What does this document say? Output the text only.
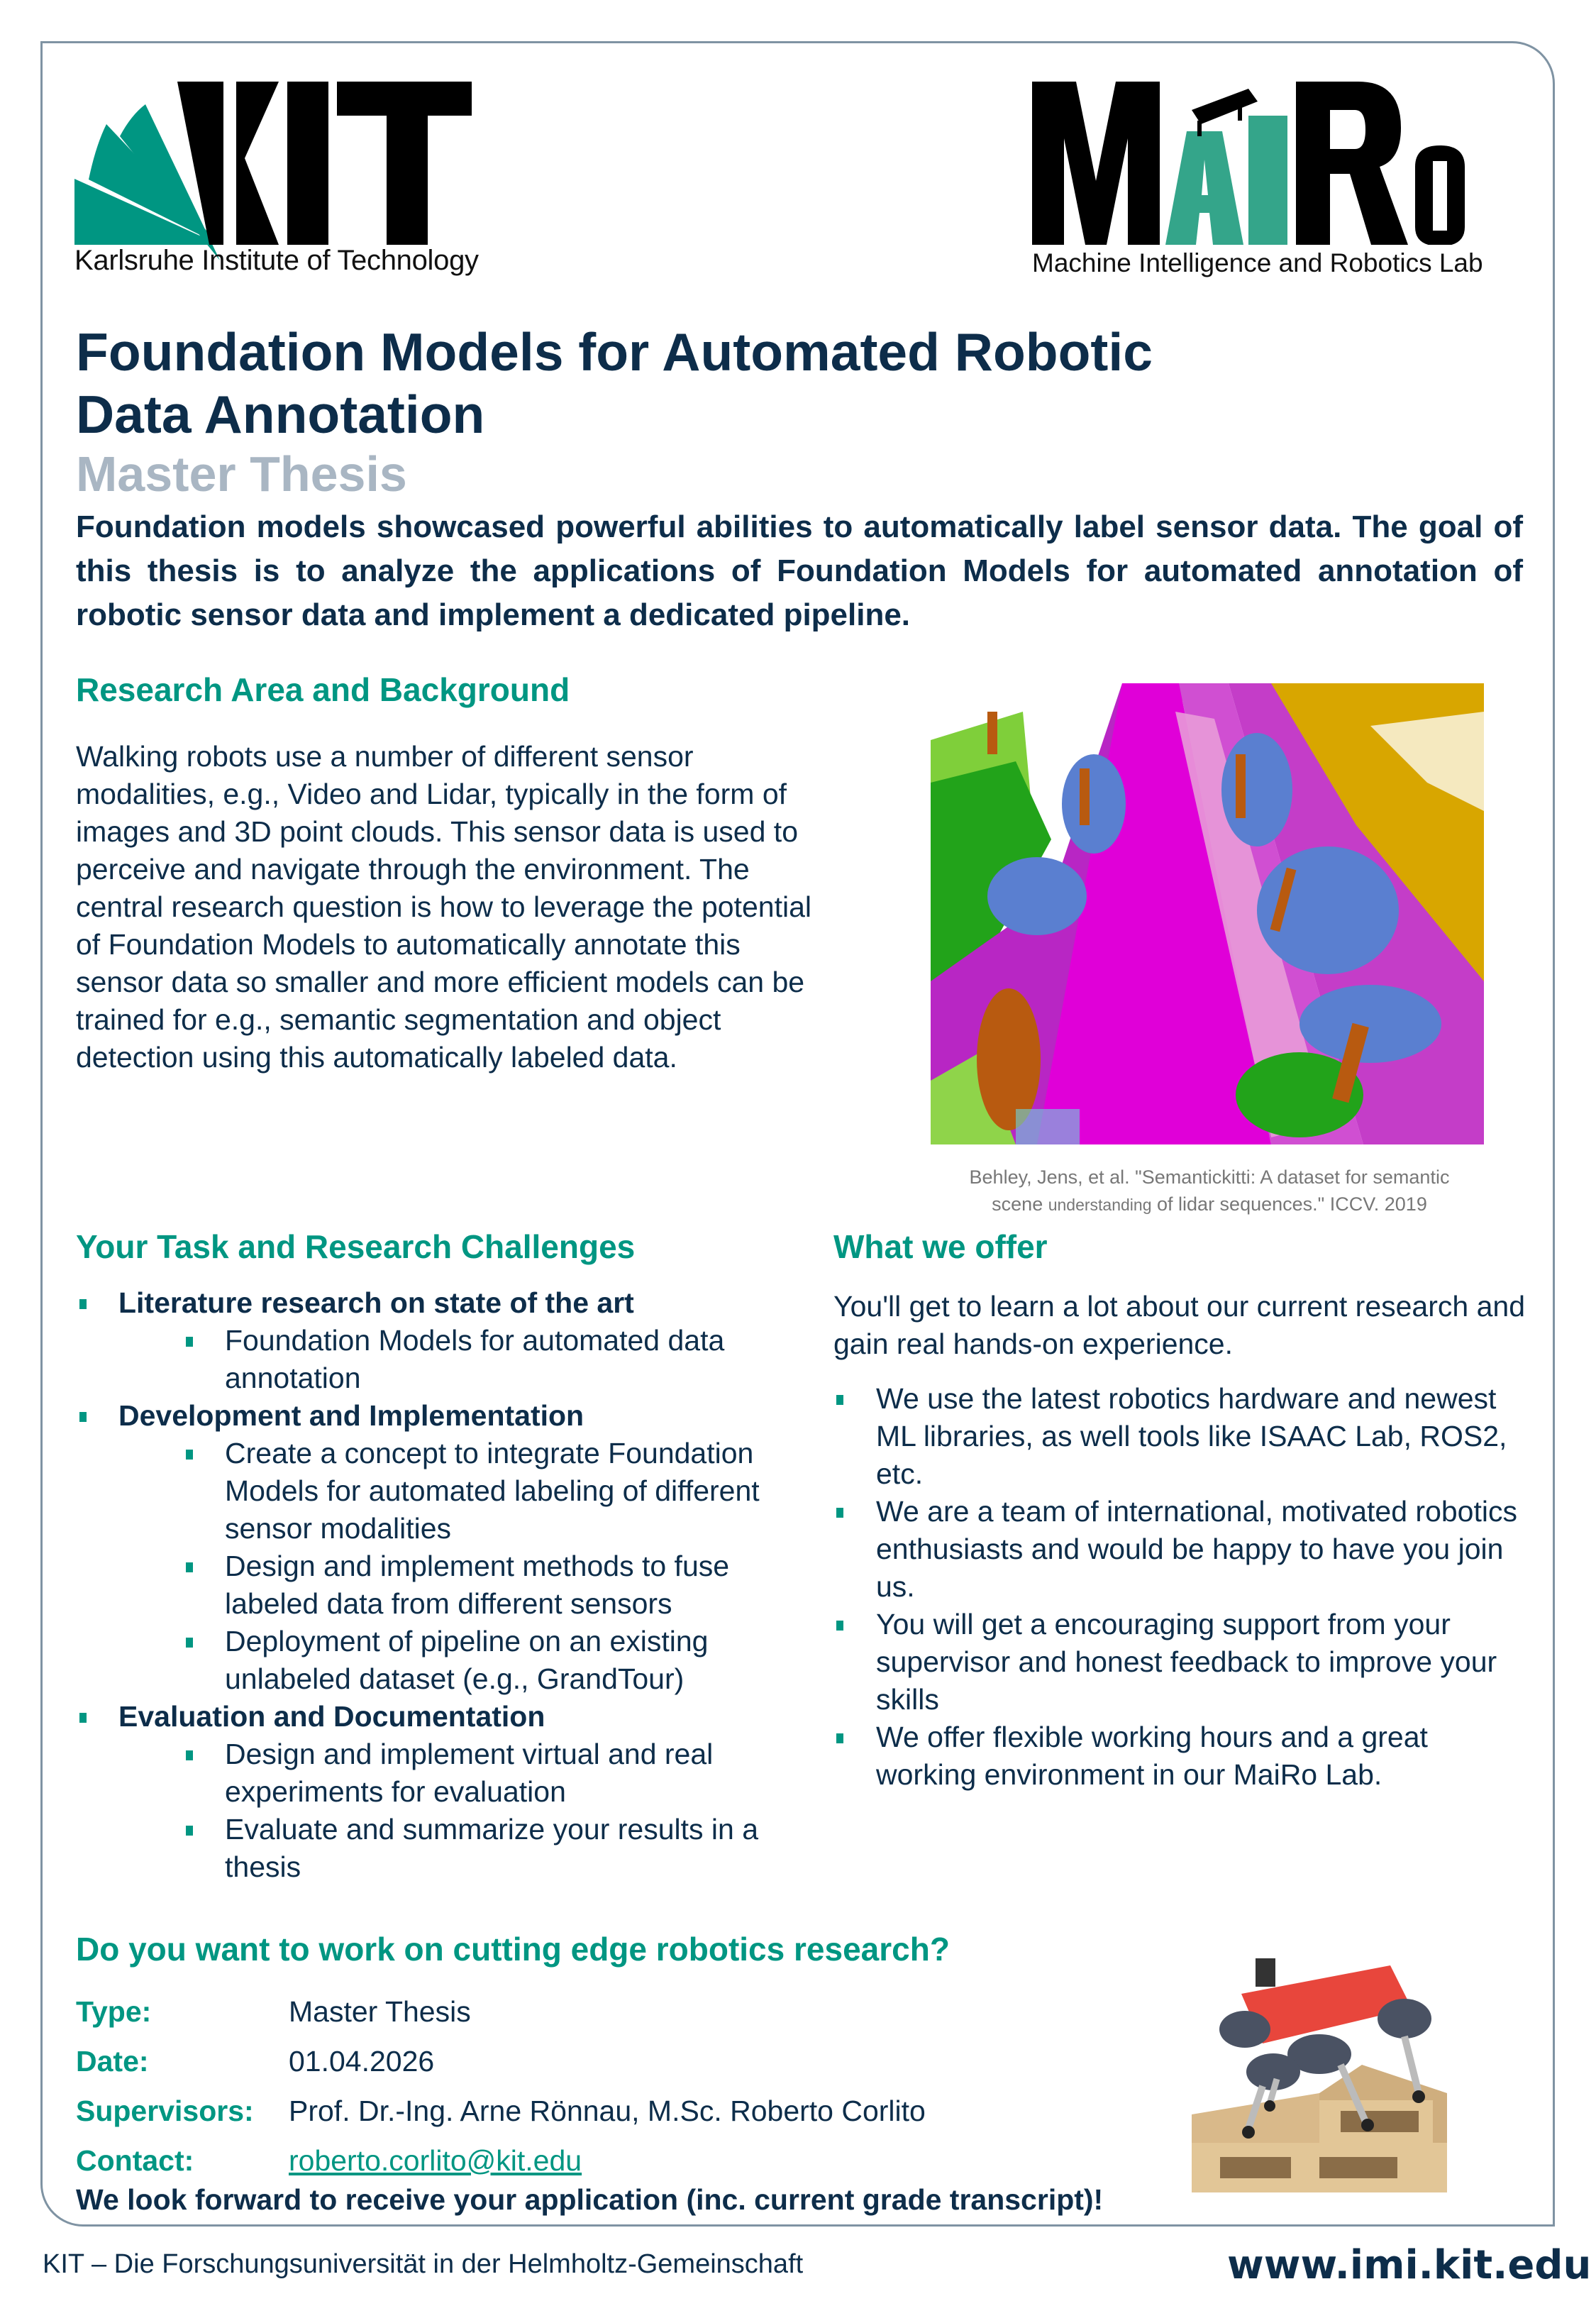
Karlsruhe Institute of Technology	Machine Intelligence and Robotics Lab
Foundation Models for Automated Robotic
Data Annotation
Master Thesis
Foundation models showcased powerful abilities to automatically label sensor data. The goal of this thesis is to analyze the applications of Foundation Models for automated annotation of robotic sensor data and implement a dedicated pipeline.
Research Area and Background
Walking robots use a number of different sensor modalities, e.g., Video and Lidar, typically in the form of images and 3D point clouds. This sensor data is used to perceive and navigate through the environment. The central research question is how to leverage the potential of Foundation Models to automatically annotate this sensor data so smaller and more efficient models can be trained for e.g., semantic segmentation and object detection using this automatically labeled data.
Behley, Jens, et al. "Semantickitti: A dataset for semantic
scene understanding of lidar sequences." ICCV. 2019
Your Task and Research Challenges
Literature research on state of the art
Foundation Models for automated data annotation
Development and Implementation
Create a concept to integrate Foundation Models for automated labeling of different sensor modalities
Design and implement methods to fuse labeled data from different sensors
Deployment of pipeline on an existing unlabeled dataset (e.g., GrandTour)
Evaluation and Documentation
Design and implement virtual and real experiments for evaluation
Evaluate and summarize your results in a thesis
What we offer
You'll get to learn a lot about our current research and gain real hands-on experience.
We use the latest robotics hardware and newest ML libraries, as well tools like ISAAC Lab, ROS2, etc.
We are a team of international, motivated robotics enthusiasts and would be happy to have you join us.
You will get a encouraging support from your supervisor and honest feedback to improve your skills
We offer flexible working hours and a great working environment in our MaiRo Lab.
Do you want to work on cutting edge robotics research?
Type:	Master Thesis
Date:	01.04.2026
Supervisors:	Prof. Dr.-Ing. Arne Rönnau, M.Sc. Roberto Corlito
Contact:	roberto.corlito@kit.edu
We look forward to receive your application (inc. current grade transcript)!
KIT – Die Forschungsuniversität in der Helmholtz-Gemeinschaft	www.imi.kit.edu
